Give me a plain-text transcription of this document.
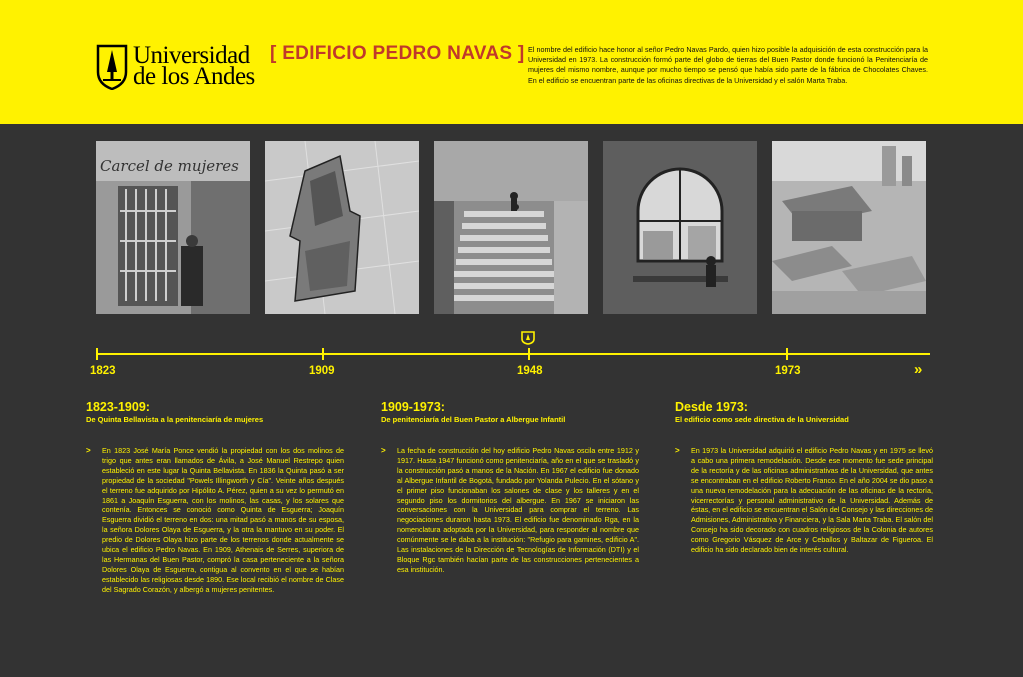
Universidad
de los Andes
[ EDIFICIO PEDRO NAVAS ] El nombre del edificio hace honor al señor Pedro Navas Pardo, quien hizo posible la adquisición de esta construcción para la Universidad en 1973. La construcción formó parte del globo de tierras del Buen Pastor donde funcionó la Penitenciaría de mujeres del mismo nombre, aunque por mucho tiempo se pensó que había sido parte de la fábrica de Chocolates Chaves. En el edificio se encuentran parte de las oficinas directivas de la Universidad y el salón Marta Traba.
Carcel de mujeres
1823	1909	1948	1973	»
1823-1909:
De Quinta Bellavista a la penitenciaría de mujeres
> En 1823 José María Ponce vendió la propiedad con los dos molinos de trigo que antes eran llamados de Ávila, a José Manuel Restrepo quien estableció en este lugar la Quinta Bellavista. En 1836 la Quinta pasó a ser propiedad de la sociedad "Powels Illingworth y Cía". Veinte años después el terreno fue adquirido por Hipólito A. Pérez, quien a su vez lo permutó en 1861 a Joaquín Esguerra, con los molinos, las casas, y los solares que contenía. Entonces se conoció como Quinta de Esguerra; Joaquín Esguerra dividió el terreno en dos: una mitad pasó a manos de su esposa, la señora Dolores Olaya de Esguerra, y la otra la mantuvo en su poder. El predio de Dolores Olaya hizo parte de los terrenos donde actualmente se ubica el edificio Pedro Navas. En 1909, Athenais de Serres, superiora de las Hermanas del Buen Pastor, compró la casa perteneciente a la señora Dolores Olaya de Esguerra, contigua al convento en el que se habían establecido las religiosas desde 1890. Ese local recibió el nombre de Clase del Sagrado Corazón, y albergó a mujeres penitentes.
1909-1973:
De penitenciaría del Buen Pastor a Albergue Infantil
> La fecha de construcción del hoy edificio Pedro Navas oscila entre 1912 y 1917. Hasta 1947 funcionó como penitenciaría, año en el que se trasladó y la construcción pasó a manos de la Nación. En 1967 el edificio fue donado al Albergue Infantil de Bogotá, fundado por Yolanda Pulecio. En el sótano y el primer piso funcionaban los salones de clase y los talleres y en el segundo piso los dormitorios del albergue. En 1967 se iniciaron las conversaciones con la Universidad para comprar el terreno. Las negociaciones duraron hasta 1973. El edificio fue denominado Rga, en la nomenclatura adoptada por la Universidad, para responder al nombre que comúnmente se le daba a la institución: "Refugio para gamines, edificio A". Las instalaciones de la Dirección de Tecnologías de Información (DTI) y el Bloque Rgc también hacían parte de las construcciones pertenecientes a esa institución.
Desde 1973:
El edificio como sede directiva de la Universidad
> En 1973 la Universidad adquirió el edificio Pedro Navas y en 1975 se llevó a cabo una primera remodelación. Desde ese momento fue sede principal de la rectoría y de las oficinas administrativas de la Universidad, que antes se encontraban en el edificio Roberto Franco. En el año 2004 se dio paso a una nueva remodelación para la adecuación de las oficinas de la rectoría, vicerrectorías y personal administrativo de la Universidad. Además de éstas, en el edificio se encuentran el Salón del Consejo y las direcciones de Admisiones, Administrativa y Financiera, y la Sala Marta Traba. El salón del Consejo ha sido decorado con cuadros religiosos de la Colonia de autores como Gregorio Vásquez de Arce y Ceballos y Baltazar de Figueroa. El edificio ha sido declarado bien de interés cultural.
